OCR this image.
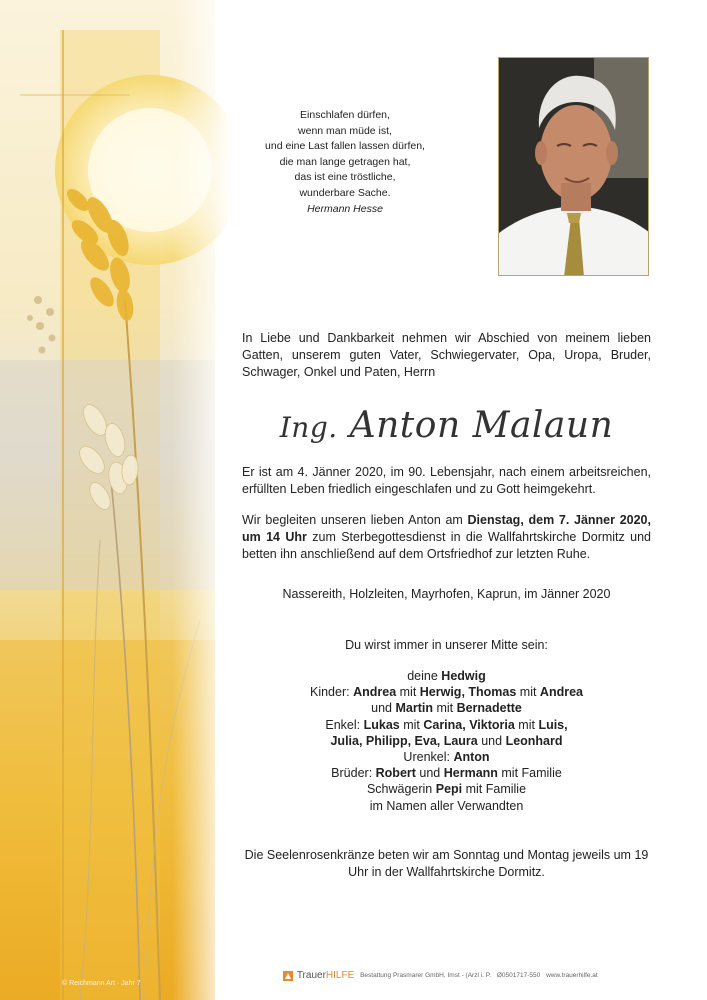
© Reichmann Art · Jahr 7
Einschlafen dürfen,
wenn man müde ist,
und eine Last fallen lassen dürfen,
die man lange getragen hat,
das ist eine tröstliche,
wunderbare Sache.
Hermann Hesse
In Liebe und Dankbarkeit nehmen wir Abschied von meinem lieben Gatten, unserem guten Vater, Schwiegervater, Opa, Uropa, Bruder, Schwager, Onkel und Paten, Herrn
Ing. Anton Malaun
Er ist am 4. Jänner 2020, im 90. Lebensjahr, nach einem arbeitsreichen, erfüllten Leben friedlich eingeschlafen und zu Gott heimgekehrt.
Wir begleiten unseren lieben Anton am Dienstag, dem 7. Jänner 2020, um 14 Uhr zum Sterbegottesdienst in die Wallfahrtskirche Dormitz und betten ihn anschließend auf dem Ortsfriedhof zur letzten Ruhe.
Nassereith, Holzleiten, Mayrhofen, Kaprun, im Jänner 2020
Du wirst immer in unserer Mitte sein:
deine Hedwig
Kinder: Andrea mit Herwig, Thomas mit Andrea
und Martin mit Bernadette
Enkel: Lukas mit Carina, Viktoria mit Luis,
Julia, Philipp, Eva, Laura und Leonhard
Urenkel: Anton
Brüder: Robert und Hermann mit Familie
Schwägerin Pepi mit Familie
im Namen aller Verwandten
Die Seelenrosenkränze beten wir am Sonntag und Montag jeweils um 19 Uhr in der Wallfahrtskirche Dormitz.
TrauerHILFE Bestattung Prasmarer GmbH, Imst - (Arzl i. P. Ø0501717-550 www.trauerhilfe.at
